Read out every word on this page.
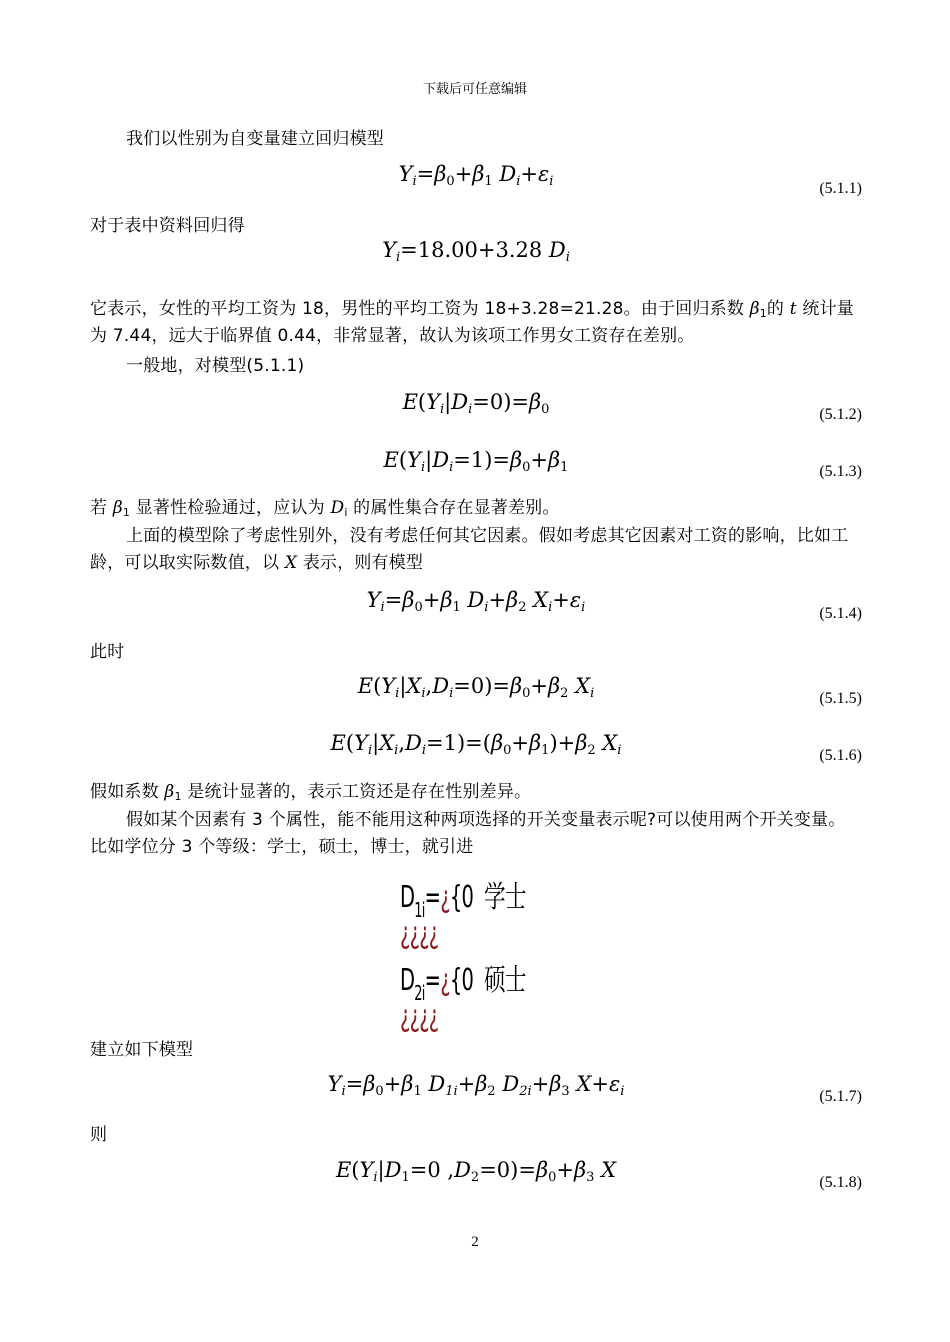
下载后可任意编辑
我们以性别为自变量建立回归模型
$Y_i=\beta_0+\beta_1$ $D_i+\varepsilon_i$	(5.1.1)
对于表中资料回归得
$Y_i=18.00+3.28$ $D_i$
它表示，女性的平均工资为 18，男性的平均工资为 18+3.28=21.28。由于回归系数 β1的 t 统计量为 7.44，远大于临界值 0.44，非常显著，故认为该项工作男女工资存在差别。
一般地，对模型(5.1.1)
$E(Y_i|D_i=0)=\beta_0$	(5.1.2)
$E(Y_i|D_i=1)=\beta_0+\beta_1$	(5.1.3)
若 β1 显著性检验通过，应认为 Di 的属性集合存在显著差别。
上面的模型除了考虑性别外，没有考虑任何其它因素。假如考虑其它因素对工资的影响，比如工龄，可以取实际数值，以 X 表示，则有模型
$Y_i=\beta_0+\beta_1$ $D_i+\beta_2$ $X_i+\varepsilon_i$	(5.1.4)
此时
$E(Y_i|X_i,D_i=0)=\beta_0+\beta_2$ $X_i$	(5.1.5)
$E(Y_i|X_i,D_i=1)=(\beta_0+\beta_1)+\beta_2$ $X_i$	(5.1.6)
假如系数 β1 是统计显著的，表示工资还是存在性别差异。
假如某个因素有 3 个属性，能不能用这种两项选择的开关变量表示呢?可以使用两个开关变量。比如学位分 3 个等级：学士，硕士，博士，就引进
$D_{1i}=¿\{0$ 学士¿¿¿¿
$D_{2i}=¿\{0$ 硕士¿¿¿¿
建立如下模型
$Y_i=\beta_0+\beta_1$ $D_{1i}+\beta_2$ $D_{2i}+\beta_3$ $X+\varepsilon_i$	(5.1.7)
则
$E(Y_i|D_1=0$ $,D_2=0)=\beta_0+\beta_3$ X
(5.1.8)
2
